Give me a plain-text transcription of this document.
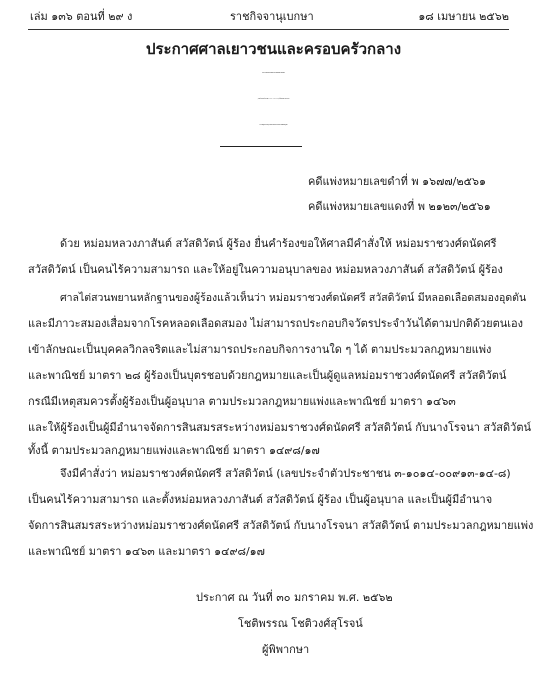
เล่ม ๑๓๖ ตอนที่ ๒๙ ง	ราชกิจจานุเบกษา	๑๘ เมษายน ๒๕๖๒
ประกาศศาลเยาวชนและครอบครัวกลาง
เรื่อง ศาลมีคำสั่งให้ หม่อมราชวงศ์ดนัดศรี สวัสดิวัตน์
(เลขประจำตัวประชาชน ๓-๑๐๑๔-๐๐๙๑๓-๑๔-๘) เป็นคนไร้ความสามารถ
และให้อยู่ในความอนุบาลของ หม่อมหลวงภาสันต์ สวัสดิวัตน์ ผู้ร้อง
คดีแพ่งหมายเลขดำที่ พ ๑๖๗๗/๒๕๖๑
คดีแพ่งหมายเลขแดงที่ พ ๒๑๒๓/๒๕๖๑
ด้วย หม่อมหลวงภาสันต์ สวัสดิวัตน์ ผู้ร้อง ยื่นคำร้องขอให้ศาลมีคำสั่งให้ หม่อมราชวงศ์ดนัดศรี
สวัสดิวัตน์ เป็นคนไร้ความสามารถ และให้อยู่ในความอนุบาลของ หม่อมหลวงภาสันต์ สวัสดิวัตน์ ผู้ร้อง
ศาลไต่สวนพยานหลักฐานของผู้ร้องแล้วเห็นว่า หม่อมราชวงศ์ดนัดศรี สวัสดิวัตน์ มีหลอดเลือดสมองอุดตัน
และมีภาวะสมองเสื่อมจากโรคหลอดเลือดสมอง ไม่สามารถประกอบกิจวัตรประจำวันได้ตามปกติด้วยตนเอง
เข้าลักษณะเป็นบุคคลวิกลจริตและไม่สามารถประกอบกิจการงานใด ๆ ได้ ตามประมวลกฎหมายแพ่ง
และพาณิชย์ มาตรา ๒๘ ผู้ร้องเป็นบุตรชอบด้วยกฎหมายและเป็นผู้ดูแลหม่อมราชวงศ์ดนัดศรี สวัสดิวัตน์
กรณีมีเหตุสมควรตั้งผู้ร้องเป็นผู้อนุบาล ตามประมวลกฎหมายแพ่งและพาณิชย์ มาตรา ๑๔๖๓
และให้ผู้ร้องเป็นผู้มีอำนาจจัดการสินสมรสระหว่างหม่อมราชวงศ์ดนัดศรี สวัสดิวัตน์ กับนางโรจนา สวัสดิวัตน์
ทั้งนี้ ตามประมวลกฎหมายแพ่งและพาณิชย์ มาตรา ๑๔๙๘/๑๗
จึงมีคำสั่งว่า หม่อมราชวงศ์ดนัดศรี สวัสดิวัตน์ (เลขประจำตัวประชาชน ๓-๑๐๑๔-๐๐๙๑๓-๑๔-๘)
เป็นคนไร้ความสามารถ และตั้งหม่อมหลวงภาสันต์ สวัสดิวัตน์ ผู้ร้อง เป็นผู้อนุบาล และเป็นผู้มีอำนาจ
จัดการสินสมรสระหว่างหม่อมราชวงศ์ดนัดศรี สวัสดิวัตน์ กับนางโรจนา สวัสดิวัตน์ ตามประมวลกฎหมายแพ่ง
และพาณิชย์ มาตรา ๑๔๖๓ และมาตรา ๑๔๙๘/๑๗
ประกาศ ณ วันที่ ๓๐ มกราคม พ.ศ. ๒๕๖๒
โชติพรรณ โชติวงศ์สุโรจน์
ผู้พิพากษา
